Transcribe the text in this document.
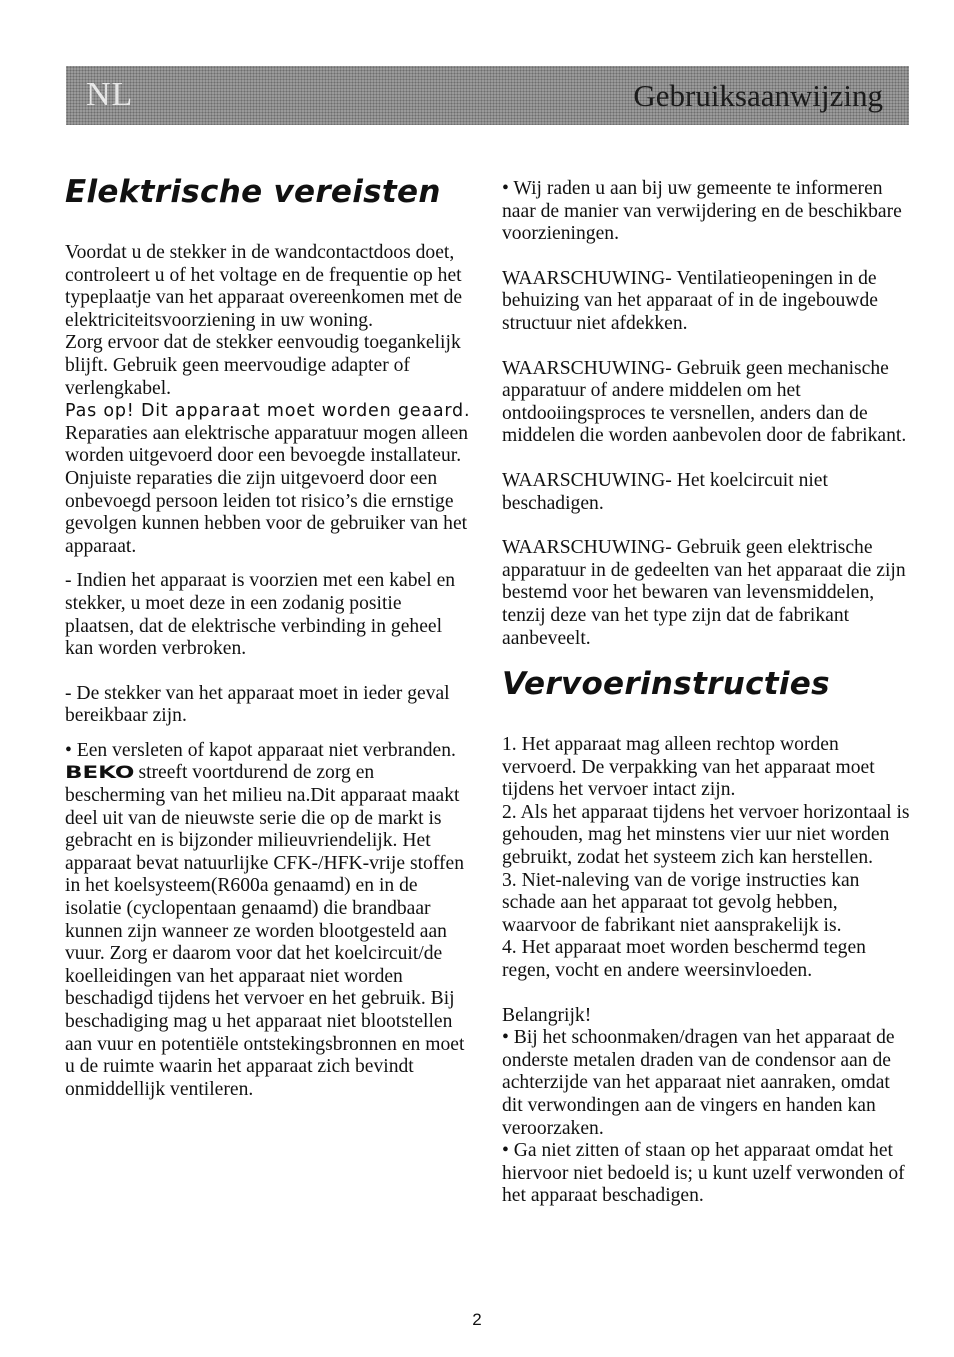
NL	Gebruiksaanwijzing
Elektrische vereisten

Voordat u de stekker in de wandcontactdoos doet, controleert u of het voltage en de frequentie op het typeplaatje van het apparaat overeenkomen met de elektriciteitsvoorziening in uw woning.

Zorg ervoor dat de stekker eenvoudig toegankelijk blijft. Gebruik geen meervoudige adapter of verlengkabel.

Pas op! Dit apparaat moet worden geaard.

Reparaties aan elektrische apparatuur mogen alleen worden uitgevoerd door een bevoegde installateur. Onjuiste reparaties die zijn uitgevoerd door een onbevoegd persoon leiden tot risico’s die ernstige gevolgen kunnen hebben voor de gebruiker van het apparaat.

- Indien het apparaat is voorzien met een kabel en stekker, u moet deze in een zodanig positie plaatsen, dat de elektrische verbinding in geheel kan worden verbroken.

- De stekker van het apparaat moet in ieder geval bereikbaar zijn.

• Een versleten of kapot apparaat niet verbranden. BEKO streeft voortdurend de zorg en bescherming van het milieu na.Dit apparaat maakt deel uit van de nieuwste serie die op de markt is gebracht en is bijzonder milieuvriendelijk. Het apparaat bevat natuurlijke CFK-/HFK-vrije stoffen in het koelsysteem(R600a genaamd) en in de isolatie (cyclopentaan genaamd) die brandbaar kunnen zijn wanneer ze worden blootgesteld aan vuur. Zorg er daarom voor dat het koelcircuit/de koelleidingen van het apparaat niet worden beschadigd tijdens het vervoer en het gebruik. Bij beschadiging mag u het apparaat niet blootstellen aan vuur en potentiële ontstekingsbronnen en moet u de ruimte waarin het apparaat zich bevindt onmiddellijk ventileren.

• Wij raden u aan bij uw gemeente te informeren naar de manier van verwijdering en de beschikbare voorzieningen.

WAARSCHUWING- Ventilatieopeningen in de behuizing van het apparaat of in de ingebouwde structuur niet afdekken.

WAARSCHUWING- Gebruik geen mechanische apparatuur of andere middelen om het ontdooiingsproces te versnellen, anders dan de middelen die worden aanbevolen door de fabrikant.

WAARSCHUWING- Het koelcircuit niet beschadigen.

WAARSCHUWING- Gebruik geen elektrische apparatuur in de gedeelten van het apparaat die zijn bestemd voor het bewaren van levensmiddelen, tenzij deze van het type zijn dat de fabrikant aanbeveelt.

Vervoerinstructies

1. Het apparaat mag alleen rechtop worden vervoerd. De verpakking van het apparaat moet tijdens het vervoer intact zijn.

2. Als het apparaat tijdens het vervoer horizontaal is gehouden, mag het minstens vier uur niet worden gebruikt, zodat het systeem zich kan herstellen.

3. Niet-naleving van de vorige instructies kan schade aan het apparaat tot gevolg hebben, waarvoor de fabrikant niet aansprakelijk is.

4. Het apparaat moet worden beschermd tegen regen, vocht en andere weersinvloeden.

Belangrijk!

• Bij het schoonmaken/dragen van het apparaat de onderste metalen draden van de condensor aan de achterzijde van het apparaat niet aanraken, omdat dit verwondingen aan de vingers en handen kan veroorzaken.

• Ga niet zitten of staan op het apparaat omdat het hiervoor niet bedoeld is; u kunt uzelf verwonden of het apparaat beschadigen.

2
